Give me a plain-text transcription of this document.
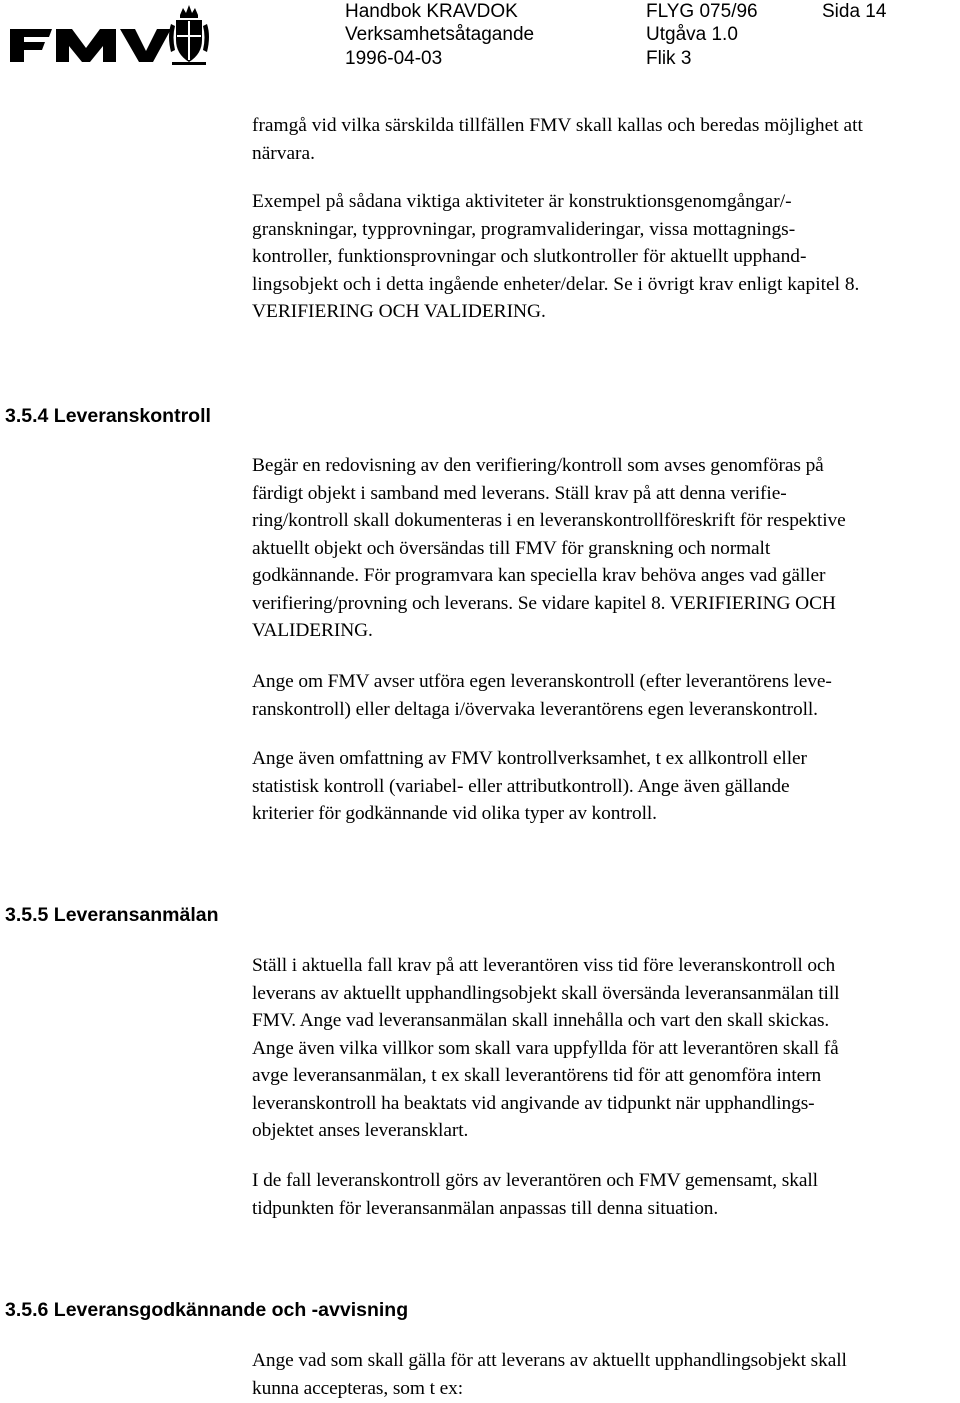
Handbok KRAVDOK	FLYG 075/96	Sida 14
Verksamhetsåtagande	Utgåva 1.0
1996-04-03	Flik 3
framgå vid vilka särskilda tillfällen FMV skall kallas och beredas möjlighet att
närvara.
Exempel på sådana viktiga aktiviteter är konstruktionsgenomgångar/-
granskningar, typprovningar, programvalideringar, vissa mottagnings-
kontroller, funktionsprovningar och slutkontroller för aktuellt upphand-
lingsobjekt och i detta ingående enheter/delar. Se i övrigt krav enligt kapitel 8.
VERIFIERING OCH VALIDERING.
3.5.4 Leveranskontroll
Begär en redovisning av den verifiering/kontroll som avses genomföras på
färdigt objekt i samband med leverans. Ställ krav på att denna verifie-
ring/kontroll skall dokumenteras i en leveranskontrollföreskrift för respektive
aktuellt objekt och översändas till FMV för granskning och normalt
godkännande. För programvara kan speciella krav behöva anges vad gäller
verifiering/provning och leverans. Se vidare kapitel 8. VERIFIERING OCH
VALIDERING.
Ange om FMV avser utföra egen leveranskontroll (efter leverantörens leve-
ranskontroll) eller deltaga i/övervaka leverantörens egen leveranskontroll.
Ange även omfattning av FMV kontrollverksamhet, t ex allkontroll eller
statistisk kontroll (variabel- eller attributkontroll). Ange även gällande
kriterier för godkännande vid olika typer av kontroll.
3.5.5 Leveransanmälan
Ställ i aktuella fall krav på att leverantören viss tid före leveranskontroll och
leverans av aktuellt upphandlingsobjekt skall översända leveransanmälan till
FMV. Ange vad leveransanmälan skall innehålla och vart den skall skickas.
Ange även vilka villkor som skall vara uppfyllda för att leverantören skall få
avge leveransanmälan, t ex skall leverantörens tid för att genomföra intern
leveranskontroll ha beaktats vid angivande av tidpunkt när upphandlings-
objektet anses leveransklart.
I de fall leveranskontroll görs av leverantören och FMV gemensamt, skall
tidpunkten för leveransanmälan anpassas till denna situation.
3.5.6 Leveransgodkännande och -avvisning
Ange vad som skall gälla för att leverans av aktuellt upphandlingsobjekt skall
kunna accepteras, som t ex:
